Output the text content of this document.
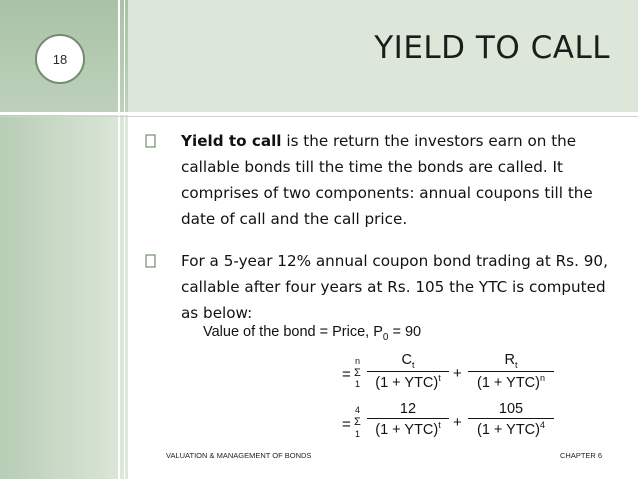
18	YIELD TO CALL
Yield to call is the return the investors earn on the callable bonds till the time the bonds are called. It comprises of two components: annual coupons till the date of call and the call price.
For a 5-year 12% annual coupon bond trading at Rs. 90, callable after four years at Rs. 105 the YTC is computed as below:
Value of the bond = Price, $P_0 = 90$
=
n
Σ
1
$C_t$
(1 + YTC)$^t$ +
$R_t$
(1 + YTC)$^n$
=
4
Σ
1
12
(1 + YTC)$^t$ +
105
(1 + YTC)$^4$
VALUATION & MANAGEMENT OF BONDS	CHAPTER 6
